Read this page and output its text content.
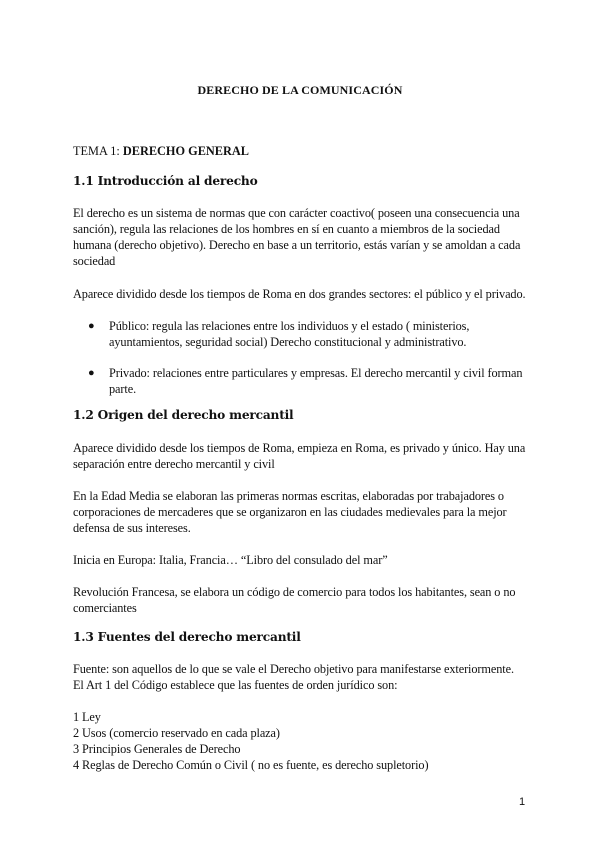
DERECHO DE LA COMUNICACIÓN
TEMA 1: DERECHO GENERAL
1.1 Introducción al derecho
El derecho es un sistema de normas que con carácter coactivo( poseen una consecuencia una
sanción), regula las relaciones de los hombres en sí en cuanto a miembros de la sociedad
humana (derecho objetivo). Derecho en base a un territorio, estás varían y se amoldan a cada
sociedad
Aparece dividido desde los tiempos de Roma en dos grandes sectores: el público y el privado.
● Público: regula las relaciones entre los individuos y el estado ( ministerios,
ayuntamientos, seguridad social) Derecho constitucional y administrativo.
● Privado: relaciones entre particulares y empresas. El derecho mercantil y civil forman
parte.
1.2 Origen del derecho mercantil
Aparece dividido desde los tiempos de Roma, empieza en Roma, es privado y único. Hay una
separación entre derecho mercantil y civil
En la Edad Media se elaboran las primeras normas escritas, elaboradas por trabajadores o
corporaciones de mercaderes que se organizaron en las ciudades medievales para la mejor
defensa de sus intereses.
Inicia en Europa: Italia, Francia… “Libro del consulado del mar”
Revolución Francesa, se elabora un código de comercio para todos los habitantes, sean o no
comerciantes
1.3 Fuentes del derecho mercantil
Fuente: son aquellos de lo que se vale el Derecho objetivo para manifestarse exteriormente.
El Art 1 del Código establece que las fuentes de orden jurídico son:
1 Ley
2 Usos (comercio reservado en cada plaza)
3 Principios Generales de Derecho
4 Reglas de Derecho Común o Civil ( no es fuente, es derecho supletorio)
1
